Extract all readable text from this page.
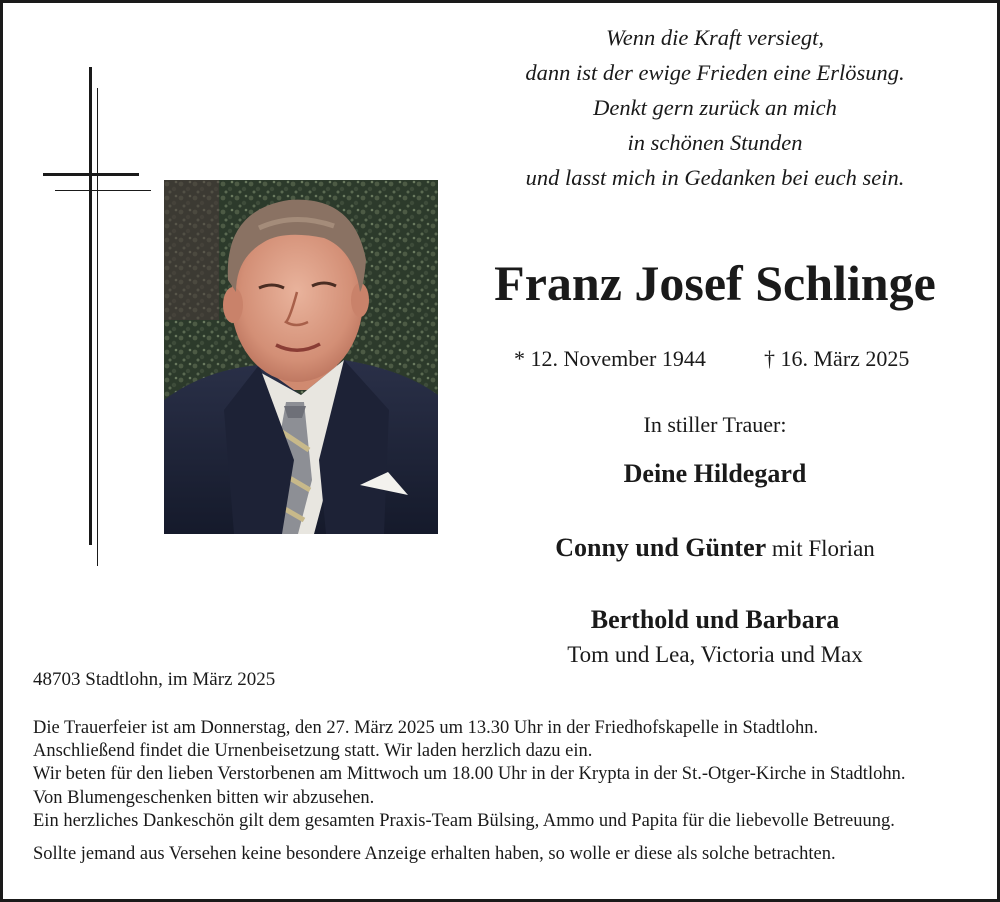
Wenn die Kraft versiegt,
dann ist der ewige Frieden eine Erlösung.
Denkt gern zurück an mich
in schönen Stunden
und lasst mich in Gedanken bei euch sein.
Franz Josef Schlinge
* 12. November 1944	† 16. März 2025
In stiller Trauer:
Deine Hildegard
Conny und Günter mit Florian
Berthold und Barbara
Tom und Lea, Victoria und Max
48703 Stadtlohn, im März 2025
Die Trauerfeier ist am Donnerstag, den 27. März 2025 um 13.30 Uhr in der Friedhofskapelle in Stadtlohn.
Anschließend findet die Urnenbeisetzung statt. Wir laden herzlich dazu ein.
Wir beten für den lieben Verstorbenen am Mittwoch um 18.00 Uhr in der Krypta in der St.-Otger-Kirche in Stadtlohn.
Von Blumengeschenken bitten wir abzusehen.
Ein herzliches Dankeschön gilt dem gesamten Praxis-Team Bülsing, Ammo und Papita für die liebevolle Betreuung.
Sollte jemand aus Versehen keine besondere Anzeige erhalten haben, so wolle er diese als solche betrachten.
